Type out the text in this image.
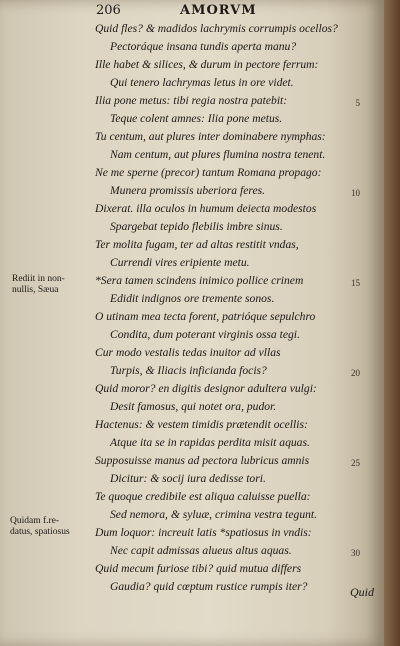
206	AMORVM
Quid fles? & madidos lachrymis corrumpis ocellos?
Pectoráque insana tundis aperta manu?
Ille habet & silices, & durum in pectore ferrum:
Qui tenero lachrymas letus in ore videt.
Ilia pone metus: tibi regia nostra patebit:
Teque colent amnes: Ilia pone metus.
Tu centum, aut plures inter dominabere nymphas:
Nam centum, aut plures flumina nostra tenent.
Ne me sperne (precor) tantum Romana propago:
Munera promissis uberiora feres.
Dixerat. illa oculos in humum deiecta modestos
Spargebat tepido flebilis imbre sinus.
Ter molita fugam, ter ad altas restitit vndas,
Currendi vires eripiente metu.
*Sera tamen scindens inimico pollice crinem
Edidit indignos ore tremente sonos.
O utinam mea tecta forent, patrióque sepulchro
Condita, dum poterant virginis ossa tegi.
Cur modo vestalis tedas inuitor ad vllas
Turpis, & Iliacis inficianda focis?
Quid moror? en digitis designor adultera vulgi:
Desit famosus, qui notet ora, pudor.
Hactenus: & vestem timidis prætendit ocellis:
Atque ita se in rapidas perdita misit aquas.
Supposuisse manus ad pectora lubricus amnis
Dicitur: & socij iura dedisse tori.
Te quoque credibile est aliqua caluisse puella:
Sed nemora, & syluæ, crimina vestra tegunt.
Dum loquor: increuit latis *spatiosus in vndis:
Nec capit admissas alueus altus aquas.
Quid mecum furiose tibi? quid mutua differs
Gaudia? quid cœptum rustice rumpis iter?
Rediit in non-
nullis, Sæua
Quidam f.re-
datus, spatiosus
5
10
15
20
25
30
Quid
